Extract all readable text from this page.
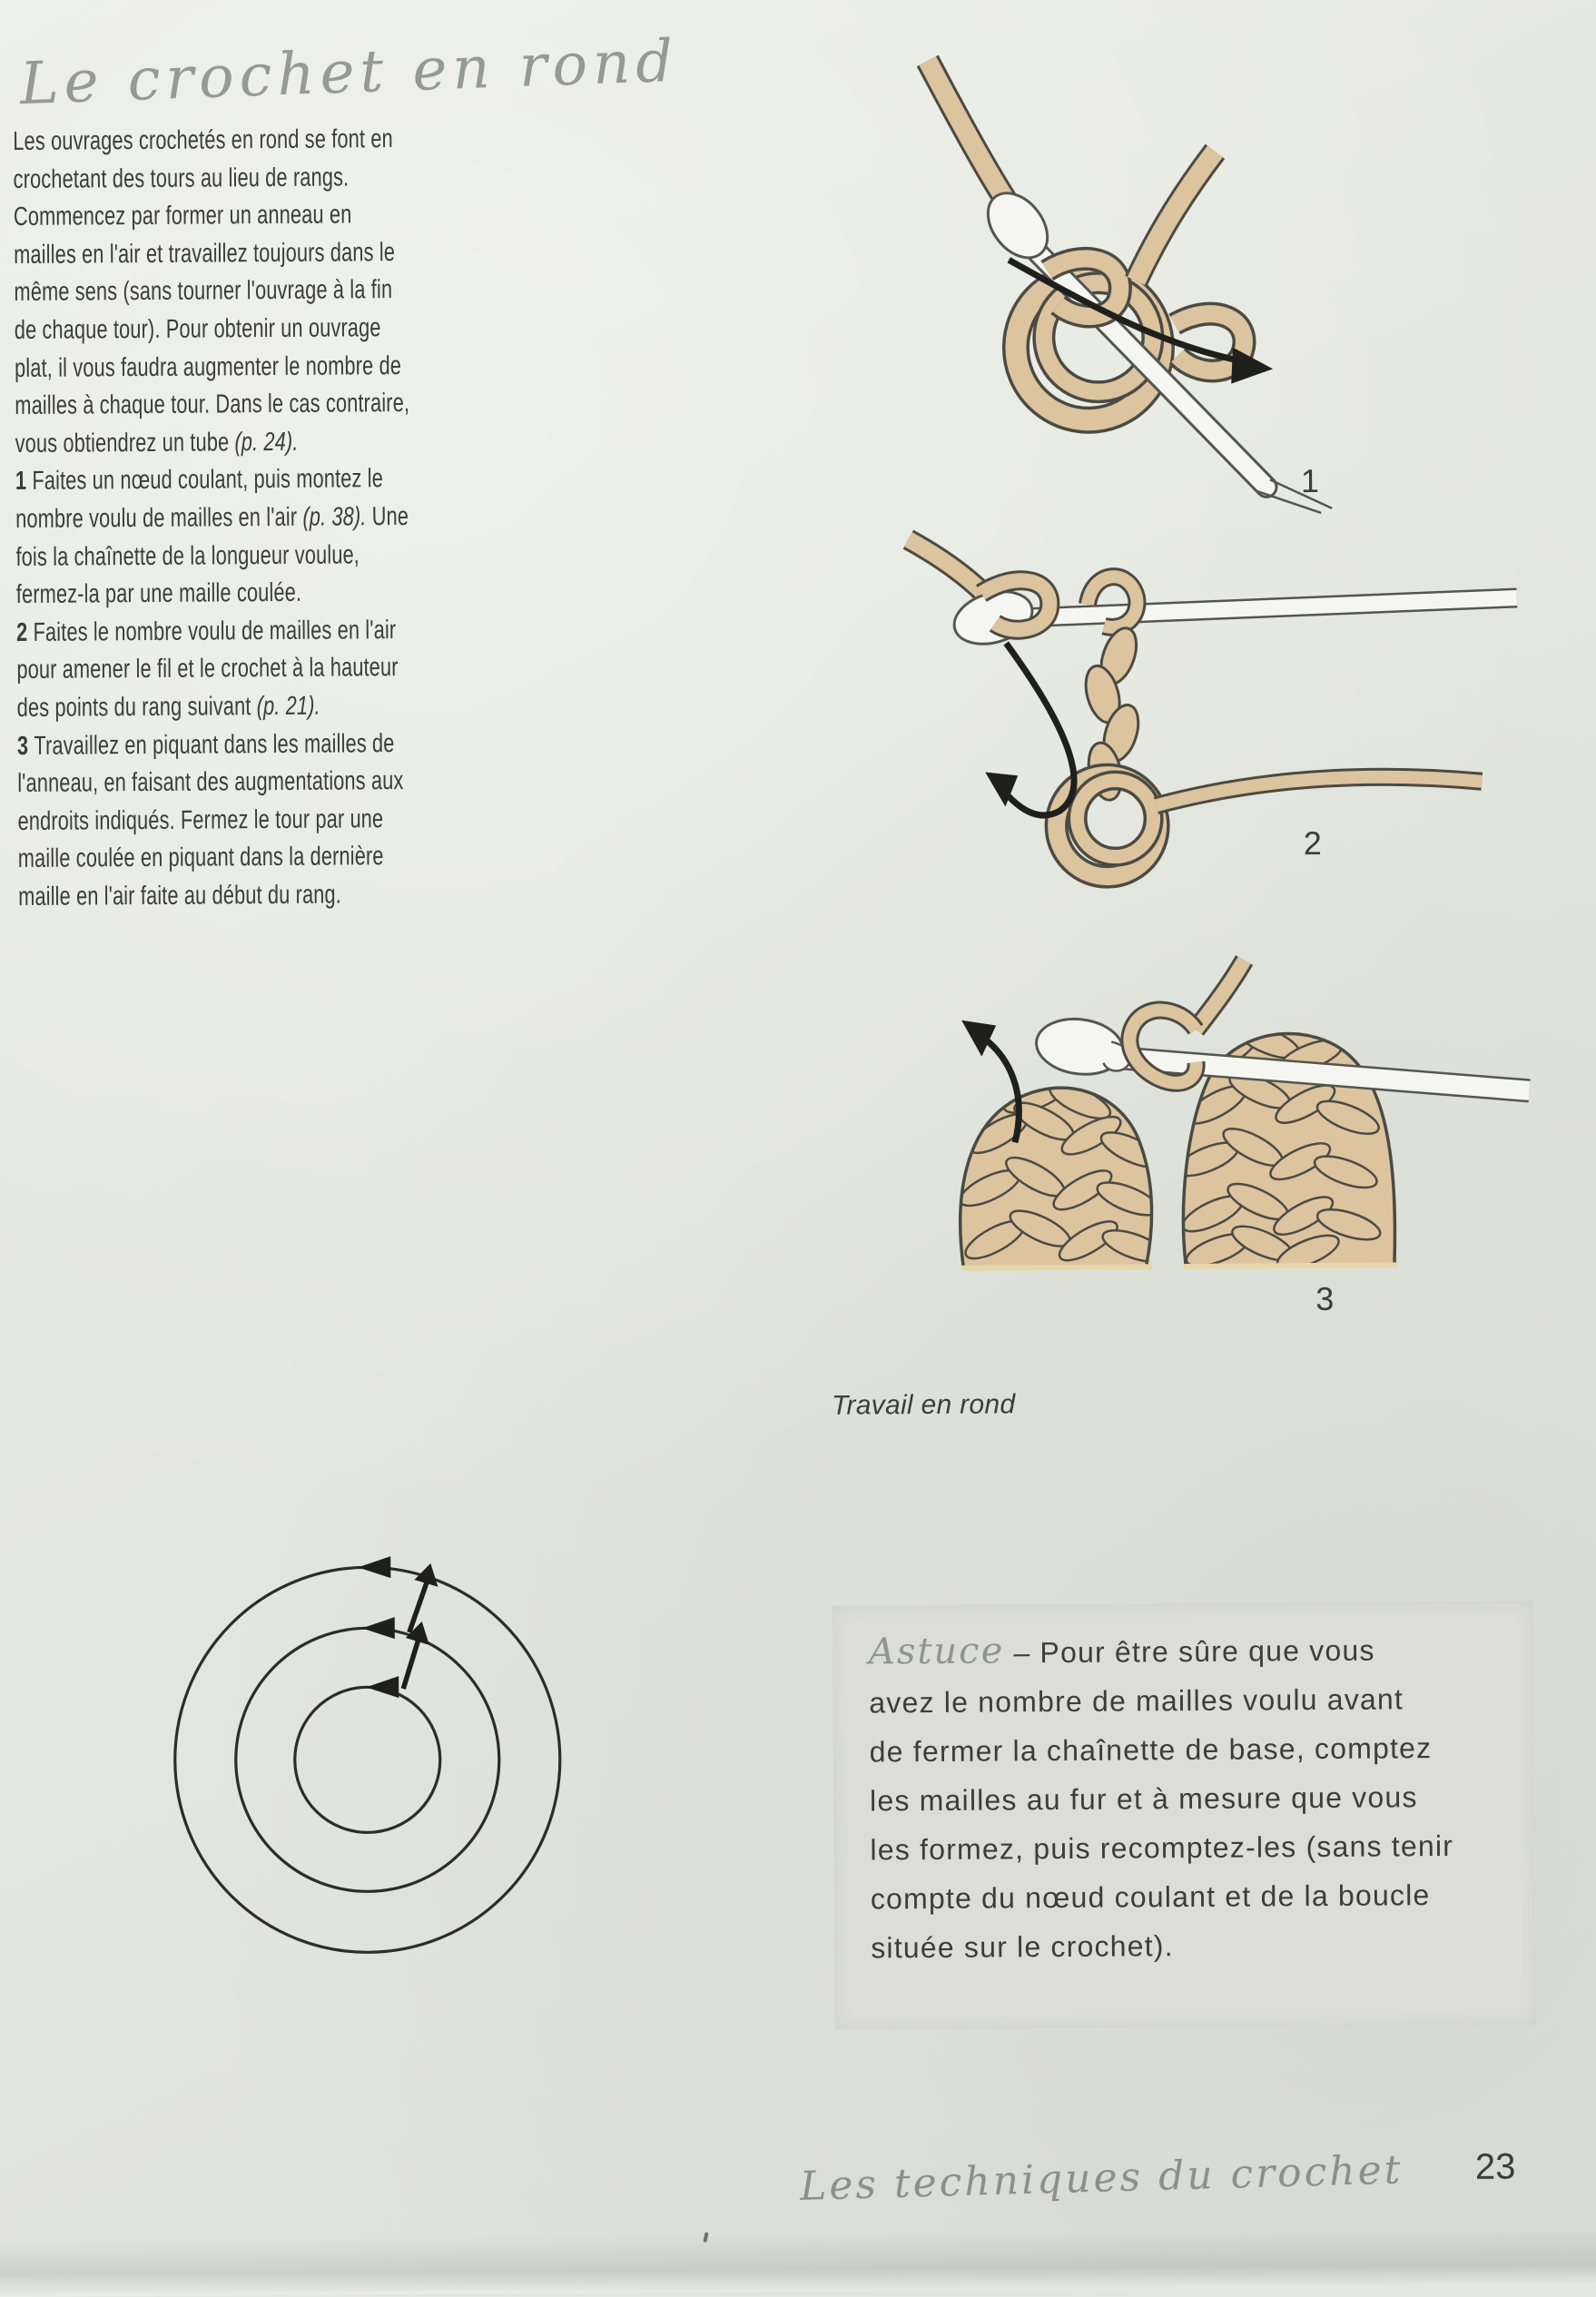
Le crochet en rond
Les ouvrages crochetés en rond se font en
crochetant des tours au lieu de rangs.
Commencez par former un anneau en
mailles en l'air et travaillez toujours dans le
même sens (sans tourner l'ouvrage à la fin
de chaque tour). Pour obtenir un ouvrage
plat, il vous faudra augmenter le nombre de
mailles à chaque tour. Dans le cas contraire,
vous obtiendrez un tube (p. 24).
1 Faites un nœud coulant, puis montez le
nombre voulu de mailles en l'air (p. 38). Une
fois la chaînette de la longueur voulue,
fermez-la par une maille coulée.
2 Faites le nombre voulu de mailles en l'air
pour amener le fil et le crochet à la hauteur
des points du rang suivant (p. 21).
3 Travaillez en piquant dans les mailles de
l'anneau, en faisant des augmentations aux
endroits indiqués. Fermez le tour par une
maille coulée en piquant dans la dernière
maille en l'air faite au début du rang.
1
2
3
Travail en rond
Astuce – Pour être sûre que vous
avez le nombre de mailles voulu avant
de fermer la chaînette de base, comptez
les mailles au fur et à mesure que vous
les formez, puis recomptez-les (sans tenir
compte du nœud coulant et de la boucle
située sur le crochet).
Les techniques du crochet 23
